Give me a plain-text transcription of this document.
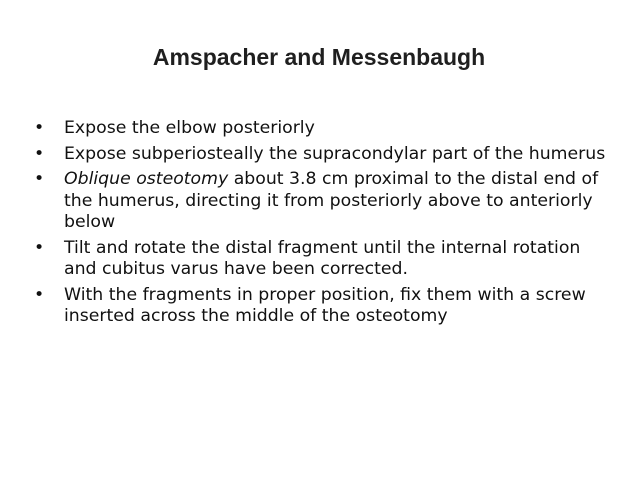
Amspacher and Messenbaugh
•	Expose the elbow posteriorly
•	Expose subperiosteally the supracondylar part of the humerus
•	Oblique osteotomy about 3.8 cm proximal to the distal end of the humerus, directing it from posteriorly above to anteriorly below
•	Tilt and rotate the distal fragment until the internal rotation and cubitus varus have been corrected.
•	With the fragments in proper position, fix them with a screw inserted across the middle of the osteotomy
